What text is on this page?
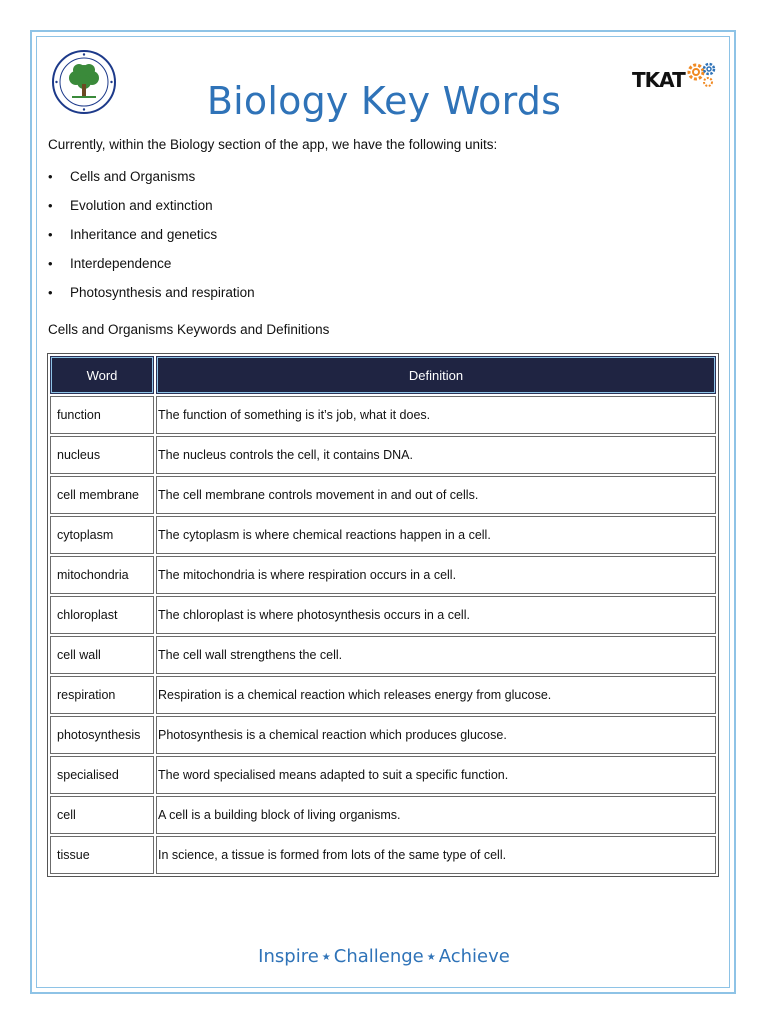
TKAT
Biology Key Words

Currently, within the Biology section of the app, we have the following units:

• Cells and Organisms
• Evolution and extinction
• Inheritance and genetics
• Interdependence
• Photosynthesis and respiration

Cells and Organisms Keywords and Definitions

Word	Definition
function	The function of something is it’s job, what it does.
nucleus	The nucleus controls the cell, it contains DNA.
cell membrane	The cell membrane controls movement in and out of cells.
cytoplasm	The cytoplasm is where chemical reactions happen in a cell.
mitochondria	The mitochondria is where respiration occurs in a cell.
chloroplast	The chloroplast is where photosynthesis occurs in a cell.
cell wall	The cell wall strengthens the cell.
respiration	Respiration is a chemical reaction which releases energy from glucose.
photosynthesis	Photosynthesis is a chemical reaction which produces glucose.
specialised	The word specialised means adapted to suit a specific function.
cell	A cell is a building block of living organisms.
tissue	In science, a tissue is formed from lots of the same type of cell.
Inspire ★ Challenge ★ Achieve
